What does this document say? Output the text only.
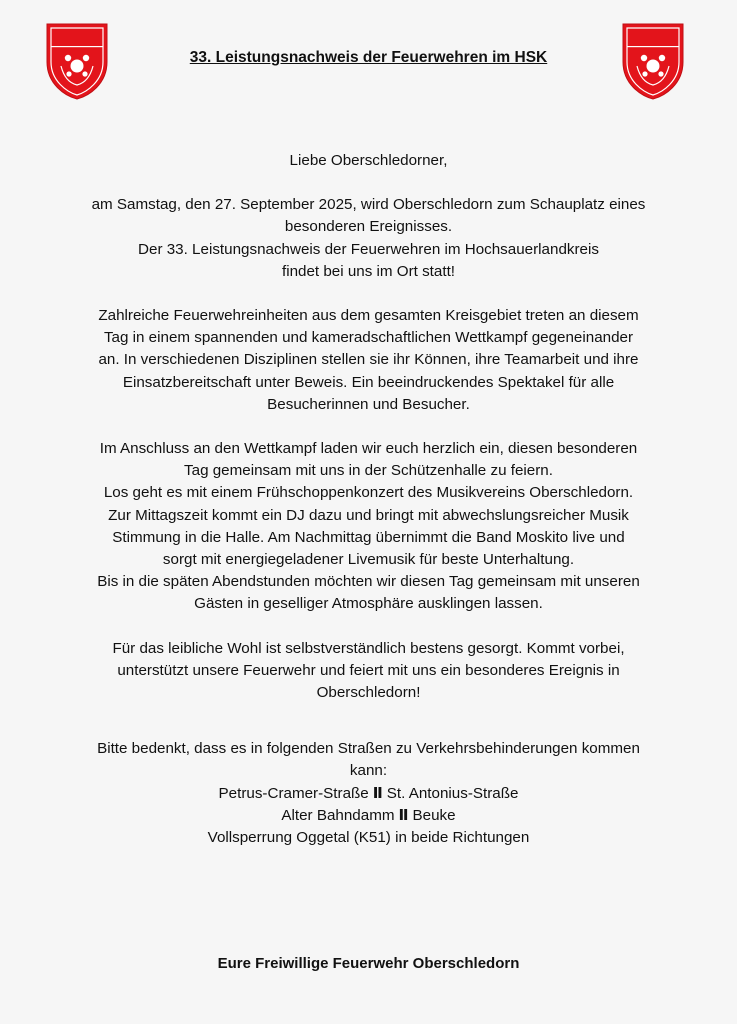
33. Leistungsnachweis der Feuerwehren im HSK

Liebe Oberschledorner,

am Samstag, den 27. September 2025, wird Oberschledorn zum Schauplatz eines

besonderen Ereignisses.

Der 33. Leistungsnachweis der Feuerwehren im Hochsauerlandkreis

findet bei uns im Ort statt!

Zahlreiche Feuerwehreinheiten aus dem gesamten Kreisgebiet treten an diesem

Tag in einem spannenden und kameradschaftlichen Wettkampf gegeneinander

an. In verschiedenen Disziplinen stellen sie ihr Können, ihre Teamarbeit und ihre

Einsatzbereitschaft unter Beweis. Ein beeindruckendes Spektakel für alle

Besucherinnen und Besucher.

Im Anschluss an den Wettkampf laden wir euch herzlich ein, diesen besonderen

Tag gemeinsam mit uns in der Schützenhalle zu feiern.

Los geht es mit einem Frühschoppenkonzert des Musikvereins Oberschledorn.

Zur Mittagszeit kommt ein DJ dazu und bringt mit abwechslungsreicher Musik

Stimmung in die Halle. Am Nachmittag übernimmt die Band Moskito live und

sorgt mit energiegeladener Livemusik für beste Unterhaltung.

Bis in die späten Abendstunden möchten wir diesen Tag gemeinsam mit unseren

Gästen in geselliger Atmosphäre ausklingen lassen.

Für das leibliche Wohl ist selbstverständlich bestens gesorgt. Kommt vorbei,

unterstützt unsere Feuerwehr und feiert mit uns ein besonderes Ereignis in

Oberschledorn!

Bitte bedenkt, dass es in folgenden Straßen zu Verkehrsbehinderungen kommen

kann:

Petrus-Cramer-Straße Ⅱ St. Antonius-Straße

Alter Bahndamm Ⅱ Beuke

Vollsperrung Oggetal (K51) in beide Richtungen

Eure Freiwillige Feuerwehr Oberschledorn
